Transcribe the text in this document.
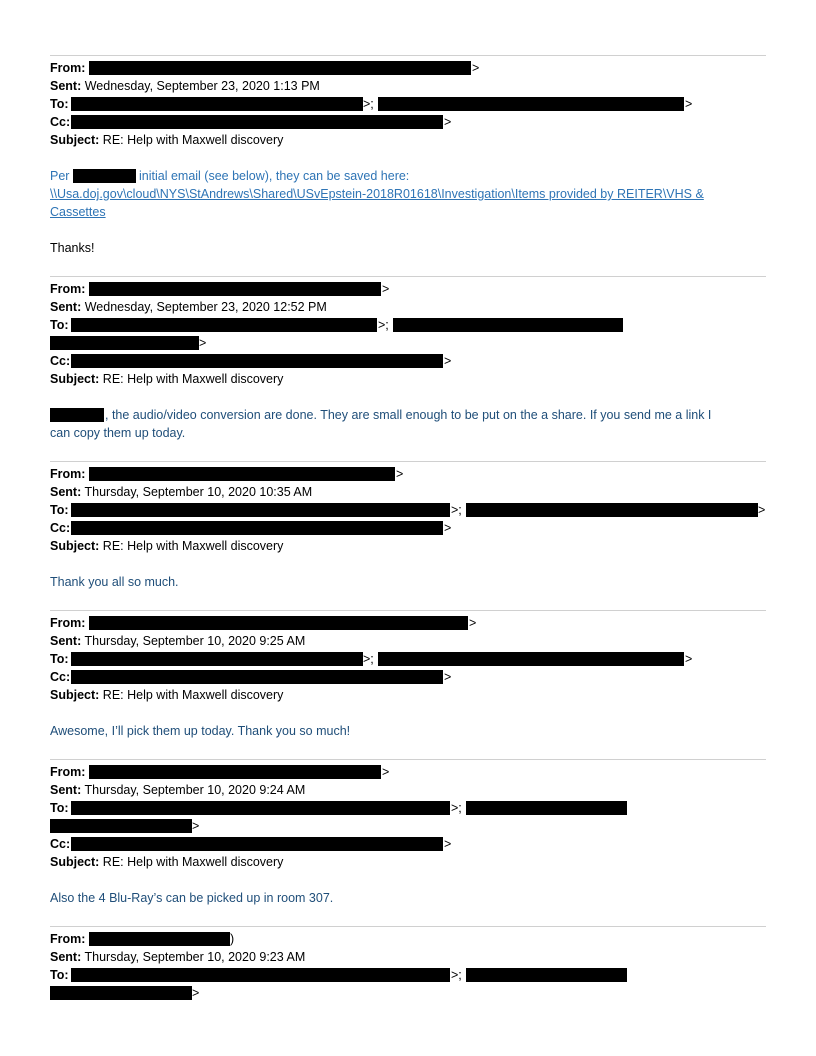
From:	>
Sent: Wednesday, September 23, 2020 1:13 PM
To:	>;	>
Cc:	>
Subject: RE: Help with Maxwell discovery
Per	initial email (see below), they can be saved here:
\\Usa.doj.gov\cloud\NYS\StAndrews\Shared\USvEpstein-2018R01618\Investigation\Items provided by REITER\VHS &
Cassettes
Thanks!
From:	>
Sent: Wednesday, September 23, 2020 12:52 PM
To:	>;
>
Cc:	>
Subject: RE: Help with Maxwell discovery
, the audio/video conversion are done. They are small enough to be put on the a share. If you send me a link I
can copy them up today.
From:	>
Sent: Thursday, September 10, 2020 10:35 AM
To:	>;	>
Cc:	>
Subject: RE: Help with Maxwell discovery
Thank you all so much.
From:	>
Sent: Thursday, September 10, 2020 9:25 AM
To:	>;	>
Cc:	>
Subject: RE: Help with Maxwell discovery
Awesome, I’ll pick them up today. Thank you so much!
From:	>
Sent: Thursday, September 10, 2020 9:24 AM
To:	>;
>
Cc:	>
Subject: RE: Help with Maxwell discovery
Also the 4 Blu-Ray’s can be picked up in room 307.
From:	)
Sent: Thursday, September 10, 2020 9:23 AM
To:	>;
>
